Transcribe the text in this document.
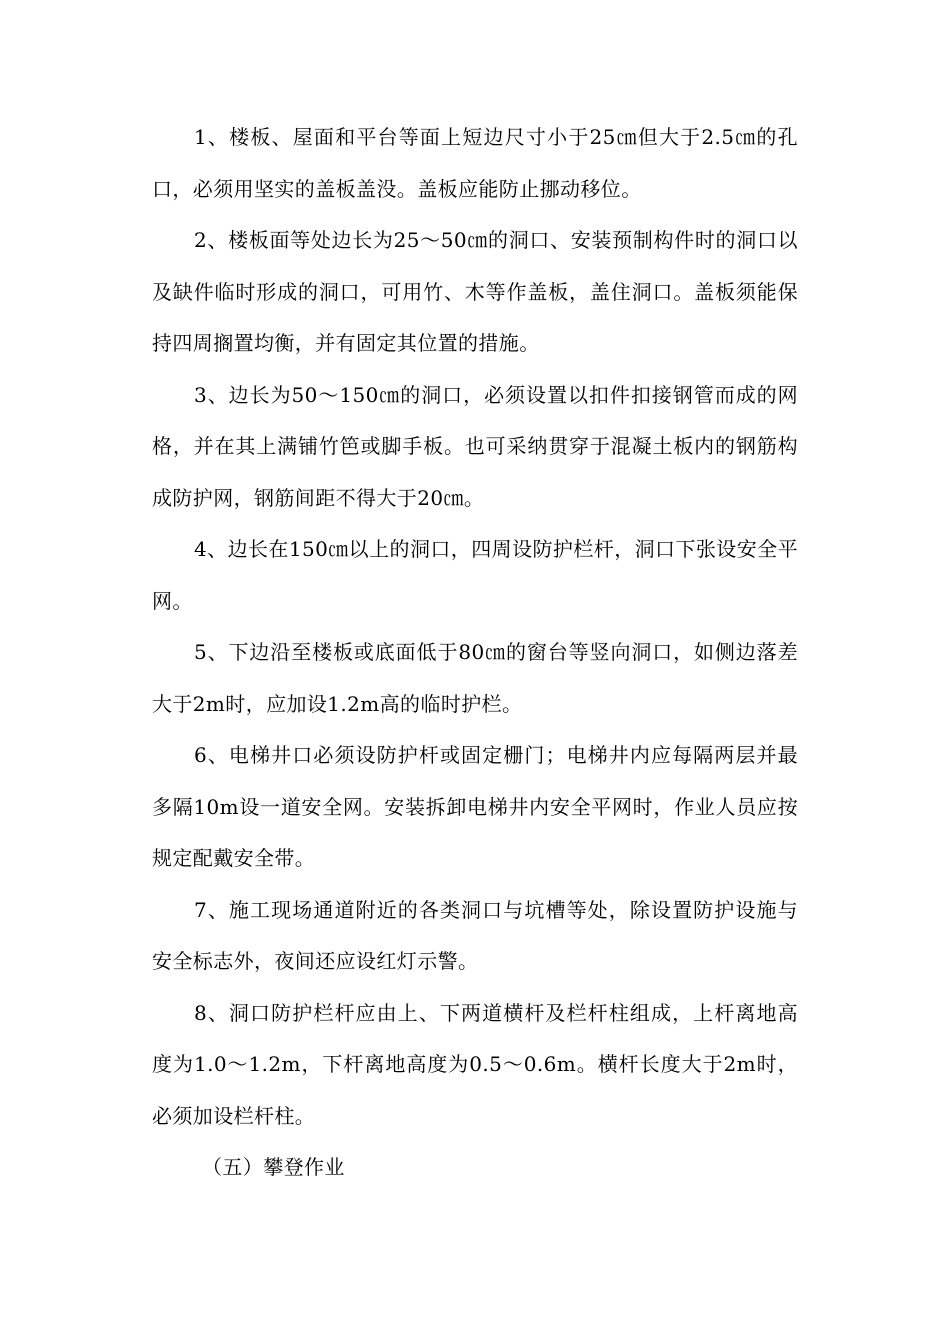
1、楼板、屋面和平台等面上短边尺寸小于25㎝但大于2.5㎝的孔口，必须用坚实的盖板盖没。盖板应能防止挪动移位。

2、楼板面等处边长为25～50㎝的洞口、安装预制构件时的洞口以及缺件临时形成的洞口，可用竹、木等作盖板，盖住洞口。盖板须能保持四周搁置均衡，并有固定其位置的措施。

3、边长为50～150㎝的洞口，必须设置以扣件扣接钢管而成的网格，并在其上满铺竹笆或脚手板。也可采纳贯穿于混凝土板内的钢筋构成防护网，钢筋间距不得大于20㎝。

4、边长在150㎝以上的洞口，四周设防护栏杆，洞口下张设安全平网。

5、下边沿至楼板或底面低于80㎝的窗台等竖向洞口，如侧边落差大于2m时，应加设1.2m高的临时护栏。

6、电梯井口必须设防护杆或固定栅门；电梯井内应每隔两层并最多隔10m设一道安全网。安装拆卸电梯井内安全平网时，作业人员应按规定配戴安全带。

7、施工现场通道附近的各类洞口与坑槽等处，除设置防护设施与安全标志外，夜间还应设红灯示警。

8、洞口防护栏杆应由上、下两道横杆及栏杆柱组成，上杆离地高度为1.0～1.2m，下杆离地高度为0.5～0.6m。横杆长度大于2m时，必须加设栏杆柱。

（五）攀登作业
